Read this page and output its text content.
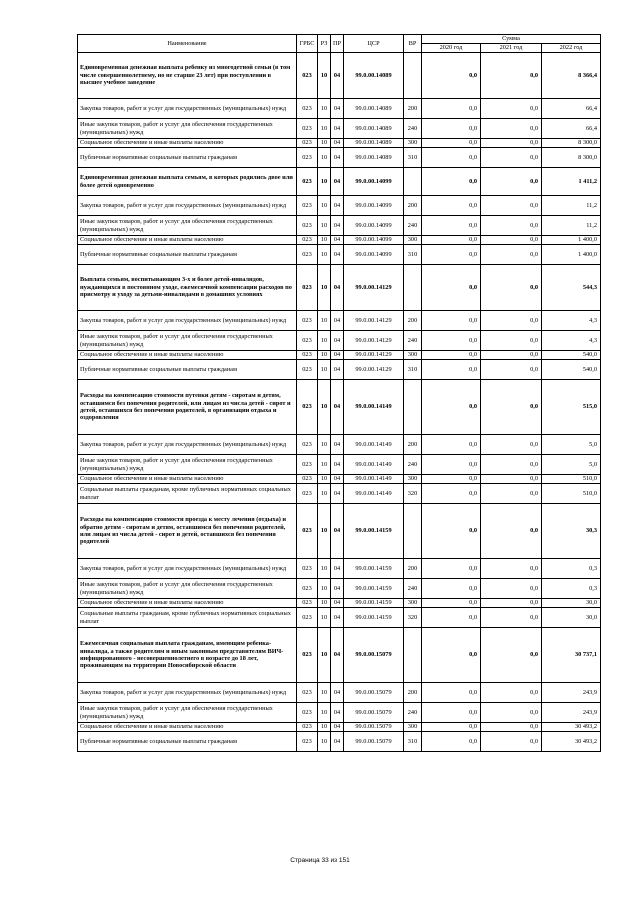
Наименование	ГРБС	РЗ	ПР	ЦСР	ВР	Сумма		
						2020 год	2021 год	2022 год
Единовременная денежная выплата ребенку из многодетной семьи (в том числе совершеннолетнему, но не старше 23 лет) при поступлении в высшее учебное заведение	023	10	04	99.0.00.14089		0,0	0,0	8 366,4
Закупка товаров, работ и услуг для государственных (муниципальных) нужд	023	10	04	99.0.00.14089	200	0,0	0,0	66,4
Иные закупки товаров, работ и услуг для обеспечения государственных (муниципальных) нужд	023	10	04	99.0.00.14089	240	0,0	0,0	66,4
Социальное обеспечение и иные выплаты населению	023	10	04	99.0.00.14089	300	0,0	0,0	8 300,0
Публичные нормативные социальные выплаты гражданам	023	10	04	99.0.00.14089	310	0,0	0,0	8 300,0
Единовременная денежная выплата семьям, в которых родились двое или более детей одновременно	023	10	04	99.0.00.14099		0,0	0,0	1 411,2
Закупка товаров, работ и услуг для государственных (муниципальных) нужд	023	10	04	99.0.00.14099	200	0,0	0,0	11,2
Иные закупки товаров, работ и услуг для обеспечения государственных (муниципальных) нужд	023	10	04	99.0.00.14099	240	0,0	0,0	11,2
Социальное обеспечение и иные выплаты населению	023	10	04	99.0.00.14099	300	0,0	0,0	1 400,0
Публичные нормативные социальные выплаты гражданам	023	10	04	99.0.00.14099	310	0,0	0,0	1 400,0
Выплата семьям, воспитывающим 3-х и более детей-инвалидов, нуждающихся в постоянном уходе, ежемесячной компенсации расходов по присмотру и уходу за детьми-инвалидами в домашних условиях	023	10	04	99.0.00.14129		0,0	0,0	544,3
Закупка товаров, работ и услуг для государственных (муниципальных) нужд	023	10	04	99.0.00.14129	200	0,0	0,0	4,3
Иные закупки товаров, работ и услуг для обеспечения государственных (муниципальных) нужд	023	10	04	99.0.00.14129	240	0,0	0,0	4,3
Социальное обеспечение и иные выплаты населению	023	10	04	99.0.00.14129	300	0,0	0,0	540,0
Публичные нормативные социальные выплаты гражданам	023	10	04	99.0.00.14129	310	0,0	0,0	540,0
Расходы на компенсацию стоимости путевки детям - сиротам и детям, оставшимся без попечения родителей, или лицам из числа детей - сирот и детей, оставшихся без попечения родителей, в организации отдыха и оздоровления	023	10	04	99.0.00.14149		0,0	0,0	515,0
Закупка товаров, работ и услуг для государственных (муниципальных) нужд	023	10	04	99.0.00.14149	200	0,0	0,0	5,0
Иные закупки товаров, работ и услуг для обеспечения государственных (муниципальных) нужд	023	10	04	99.0.00.14149	240	0,0	0,0	5,0
Социальное обеспечение и иные выплаты населению	023	10	04	99.0.00.14149	300	0,0	0,0	510,0
Социальные выплаты гражданам, кроме публичных нормативных социальных выплат	023	10	04	99.0.00.14149	320	0,0	0,0	510,0
Расходы на компенсацию стоимости проезда к месту лечения (отдыха) и обратно детям - сиротам и детям, оставшимся без попечения родителей, или лицам из числа детей - сирот и детей, оставшихся без попечения родителей	023	10	04	99.0.00.14159		0,0	0,0	30,3
Закупка товаров, работ и услуг для государственных (муниципальных) нужд	023	10	04	99.0.00.14159	200	0,0	0,0	0,3
Иные закупки товаров, работ и услуг для обеспечения государственных (муниципальных) нужд	023	10	04	99.0.00.14159	240	0,0	0,0	0,3
Социальное обеспечение и иные выплаты населению	023	10	04	99.0.00.14159	300	0,0	0,0	30,0
Социальные выплаты гражданам, кроме публичных нормативных социальных выплат	023	10	04	99.0.00.14159	320	0,0	0,0	30,0
Ежемесячная социальная выплата гражданам, имеющим ребенка-инвалида, а также родителям и иным законным представителям ВИЧ-инфицированного - несовершеннолетнего в возрасте до 18 лет, проживающим на территории Новосибирской области 	023	10	04	99.0.00.15079		0,0	0,0	30 737,1
Закупка товаров, работ и услуг для государственных (муниципальных) нужд	023	10	04	99.0.00.15079	200	0,0	0,0	243,9
Иные закупки товаров, работ и услуг для обеспечения государственных (муниципальных) нужд	023	10	04	99.0.00.15079	240	0,0	0,0	243,9
Социальное обеспечение и иные выплаты населению	023	10	04	99.0.00.15079	300	0,0	0,0	30 493,2
Публичные нормативные социальные выплаты гражданам	023	10	04	99.0.00.15079	310	0,0	0,0	30 493,2
Страница 33 из 151
